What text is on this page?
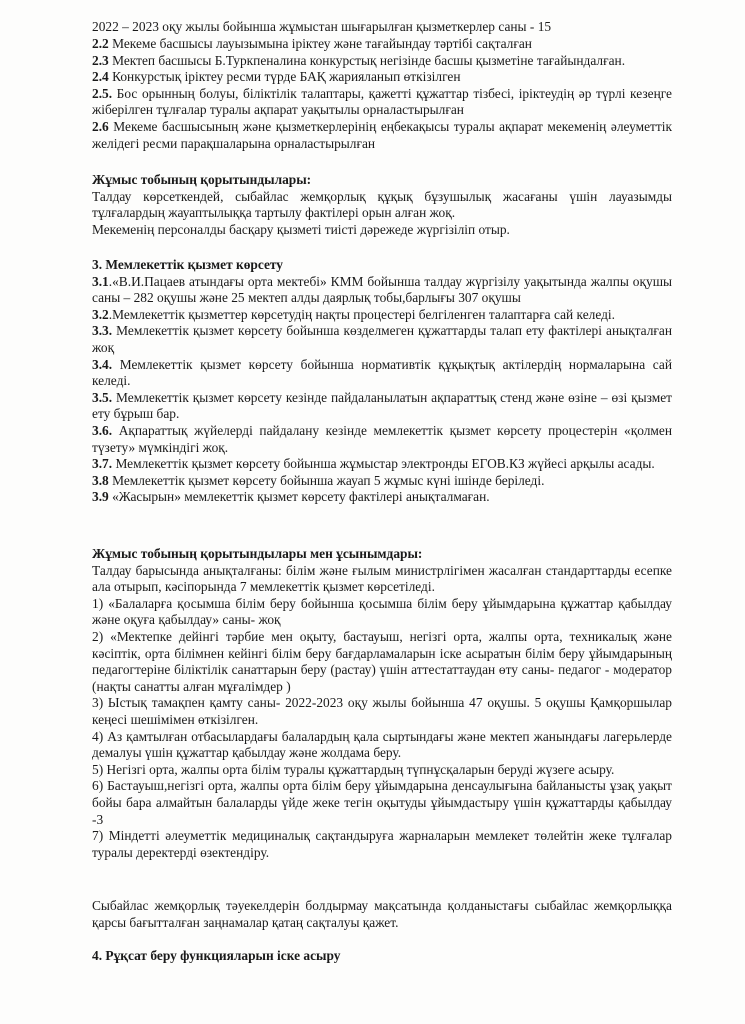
2022 – 2023 оқу жылы бойынша жұмыстан шығарылған қызметкерлер саны - 15

2.2 Мекеме басшысы лауызымына іріктеу және тағайындау тәртібі сақталған

2.3 Мектеп басшысы Б.Туркпеналина конкурстық негізінде басшы қызметіне тағайындалған.

2.4 Конкурстық іріктеу ресми түрде БАҚ жарияланып өткізілген

2.5. Бос орынның болуы, біліктілік талаптары, қажетті құжаттар тізбесі, іріктеудің әр түрлі кезеңге жіберілген тұлғалар туралы ақпарат уақытылы орналастырылған

2.6 Мекеме басшысының және қызметкерлерінің еңбекақысы туралы ақпарат мекеменің әлеуметтік желідегі ресми парақшаларына орналастырылған

Жұмыс тобының қорытындылары:

Талдау көрсеткендей, сыбайлас жемқорлық құқық бұзушылық жасағаны үшін лауазымды тұлғалардың жауаптылыққа тартылу фактілері орын алған жоқ.

Мекеменің персоналды басқару қызметі тиісті дәрежеде жүргізіліп отыр.

3. Мемлекеттік қызмет көрсету

3.1.«В.И.Пацаев атындағы орта мектебі» КММ бойынша талдау жүргізілу уақытында жалпы оқушы саны – 282 оқушы және 25 мектеп алды даярлық тобы,барлығы 307 оқушы

3.2.Мемлекеттік қызметтер көрсетудің нақты процестері белгіленген талаптарға сай келеді.

3.3. Мемлекеттік қызмет көрсету бойынша көзделмеген құжаттарды талап ету фактілері анықталған жоқ

3.4. Мемлекеттік қызмет көрсету бойынша нормативтік құқықтық актілердің нормаларына сай келеді.

3.5. Мемлекеттік қызмет көрсету кезінде пайдаланылатын ақпараттық стенд және өзіне – өзі қызмет ету бұрыш бар.

3.6. Ақпараттық жүйелерді пайдалану кезінде мемлекеттік қызмет көрсету процестерін «қолмен түзету» мүмкіндігі жоқ.

3.7. Мемлекеттік қызмет көрсету бойынша жұмыстар электронды ЕГОВ.КЗ жүйесі арқылы асады.

3.8 Мемлекеттік қызмет көрсету бойынша жауап 5 жұмыс күні ішінде беріледі.

3.9 «Жасырын» мемлекеттік қызмет көрсету фактілері анықталмаған.

Жұмыс тобының қорытындылары мен ұсынымдары:

Талдау барысында анықталғаны: білім және ғылым министрлігімен жасалған стандарттарды есепке ала отырып, кәсіпорында 7 мемлекеттік қызмет көрсетіледі.

1) «Балаларға қосымша білім беру бойынша қосымша білім беру ұйымдарына құжаттар қабылдау және оқуға қабылдау» саны- жоқ

2) «Мектепке дейінгі тәрбие мен оқыту, бастауыш, негізгі орта, жалпы орта, техникалық және кәсіптік, орта білімнен кейінгі білім беру бағдарламаларын іске асыратын білім беру ұйымдарының педагогтеріне біліктілік санаттарын беру (растау) үшін аттестаттаудан өту саны- педагог - модератор (нақты санатты алған мұғалімдер )

3) Ыстық тамақпен қамту саны- 2022-2023 оқу жылы бойынша 47 оқушы. 5 оқушы Қамқоршылар кеңесі шешімімен өткізілген.

4) Аз қамтылған отбасылардағы балалардың қала сыртындағы және мектеп жанындағы лагерьлерде демалуы үшін құжаттар қабылдау және жолдама беру.

5) Негізгі орта, жалпы орта білім туралы құжаттардың түпнұсқаларын беруді жүзеге асыру.

6) Бастауыш,негізгі орта, жалпы орта білім беру ұйымдарына денсаулығына байланысты ұзақ уақыт бойы бара алмайтын балаларды үйде жеке тегін оқытуды ұйымдастыру үшін құжаттарды қабылдау -3

7) Міндетті әлеуметтік медициналық сақтандыруға жарналарын мемлекет төлейтін жеке тұлғалар туралы деректерді өзектендіру.

Сыбайлас жемқорлық тәуекелдерін болдырмау мақсатында қолданыстағы сыбайлас жемқорлыққа қарсы бағытталған заңнамалар қатаң сақталуы қажет.

4. Рұқсат беру функцияларын іске асыру
